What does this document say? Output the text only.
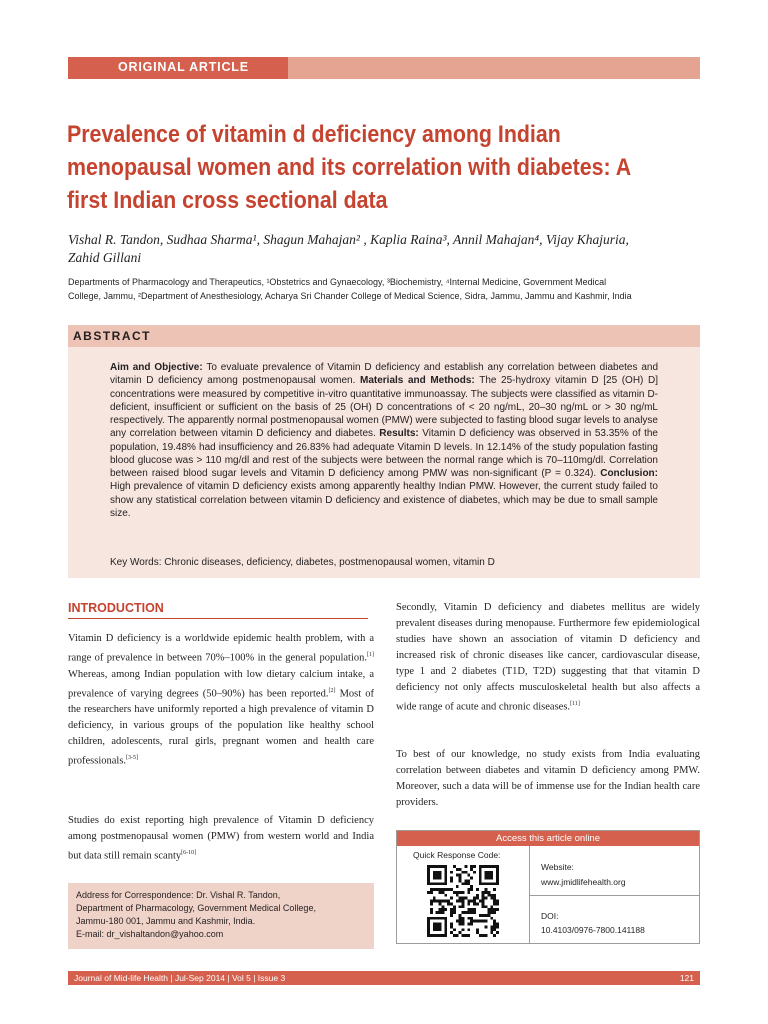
ORIGINAL ARTICLE
Prevalence of vitamin d deficiency among Indian
menopausal women and its correlation with diabetes: A
first Indian cross sectional data
Vishal R. Tandon, Sudhaa Sharma¹, Shagun Mahajan² , Kaplia Raina³, Annil Mahajan⁴, Vijay Khajuria,
Zahid Gillani
Departments of Pharmacology and Therapeutics, ¹Obstetrics and Gynaecology, ³Biochemistry, ⁴Internal Medicine, Government Medical
College, Jammu, ²Department of Anesthesiology, Acharya Sri Chander College of Medical Science, Sidra, Jammu, Jammu and Kashmir, India
ABSTRACT
Aim and Objective: To evaluate prevalence of Vitamin D deficiency and establish any correlation between diabetes and vitamin D deficiency among postmenopausal women. Materials and Methods: The 25-hydroxy vitamin D [25 (OH) D] concentrations were measured by competitive in-vitro quantitative immunoassay. The subjects were classified as vitamin D-deficient, insufficient or sufficient on the basis of 25 (OH) D concentrations of < 20 ng/mL, 20–30 ng/mL or > 30 ng/mL respectively. The apparently normal postmenopausal women (PMW) were subjected to fasting blood sugar levels to analyse any correlation between vitamin D deficiency and diabetes. Results: Vitamin D deficiency was observed in 53.35% of the population, 19.48% had insufficiency and 26.83% had adequate Vitamin D levels. In 12.14% of the study population fasting blood glucose was > 110 mg/dl and rest of the subjects were between the normal range which is 70–110mg/dl. Correlation between raised blood sugar levels and Vitamin D deficiency among PMW was non-significant (P = 0.324). Conclusion: High prevalence of vitamin D deficiency exists among apparently healthy Indian PMW. However, the current study failed to show any statistical correlation between vitamin D deficiency and existence of diabetes, which may be due to small sample size.
Key Words: Chronic diseases, deficiency, diabetes, postmenopausal women, vitamin D
INTRODUCTION
Vitamin D deficiency is a worldwide epidemic health problem, with a range of prevalence in between 70%–100% in the general population.[1] Whereas, among Indian population with low dietary calcium intake, a prevalence of varying degrees (50–90%) has been reported.[2] Most of the researchers have uniformly reported a high prevalence of vitamin D deficiency, in various groups of the population like healthy school children, adolescents, rural girls, pregnant women and health care professionals.[3-5]
Studies do exist reporting high prevalence of Vitamin D deficiency among postmenopausal women (PMW) from western world and India but data still remain scanty[6-10]
Secondly, Vitamin D deficiency and diabetes mellitus are widely prevalent diseases during menopause. Furthermore few epidemiological studies have shown an association of vitamin D deficiency and increased risk of chronic diseases like cancer, cardiovascular disease, type 1 and 2 diabetes (T1D, T2D) suggesting that that vitamin D deficiency not only affects musculoskeletal health but also affects a wide range of acute and chronic diseases.[11]
To best of our knowledge, no study exists from India evaluating correlation between diabetes and vitamin D deficiency among PMW. Moreover, such a data will be of immense use for the Indian health care providers.
Address for Correspondence: Dr. Vishal R. Tandon,
Department of Pharmacology, Government Medical College,
Jammu-180 001, Jammu and Kashmir, India.
E-mail: dr_vishaltandon@yahoo.com
Access this article online
Quick Response Code:
Website:
www.jmidlifehealth.org
DOI:
10.4103/0976-7800.141188
Journal of Mid-life Health | Jul-Sep 2014 | Vol 5 | Issue 3	121
